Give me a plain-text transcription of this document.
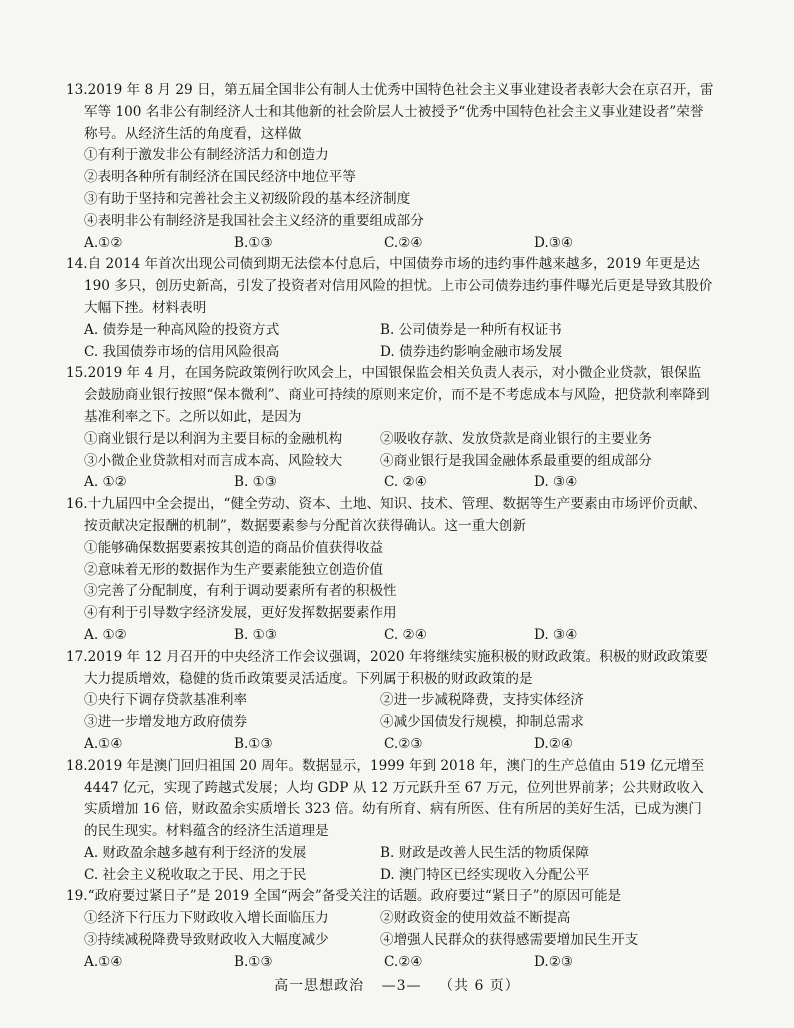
13.2019 年 8 月 29 日，第五届全国非公有制人士优秀中国特色社会主义事业建设者表彰大会在京召开，雷军等 100 名非公有制经济人士和其他新的社会阶层人士被授予“优秀中国特色社会主义事业建设者”荣誉称号。从经济生活的角度看，这样做

①有利于激发非公有制经济活力和创造力

②表明各种所有制经济在国民经济中地位平等

③有助于坚持和完善社会主义初级阶段的基本经济制度

④表明非公有制经济是我国社会主义经济的重要组成部分

A.①②	B.①③	C.②④	D.③④

14.自 2014 年首次出现公司债到期无法偿本付息后，中国债券市场的违约事件越来越多，2019 年更是达 190 多只，创历史新高，引发了投资者对信用风险的担忧。上市公司债券违约事件曝光后更是导致其股价大幅下挫。材料表明

A. 债券是一种高风险的投资方式	B. 公司债券是一种所有权证书
C. 我国债券市场的信用风险很高	D. 债券违约影响金融市场发展

15.2019 年 4 月，在国务院政策例行吹风会上，中国银保监会相关负责人表示，对小微企业贷款，银保监会鼓励商业银行按照“保本微利”、商业可持续的原则来定价，而不是不考虑成本与风险，把贷款利率降到基准利率之下。之所以如此，是因为

①商业银行是以利润为主要目标的金融机构	②吸收存款、发放贷款是商业银行的主要业务
③小微企业贷款相对而言成本高、风险较大	④商业银行是我国金融体系最重要的组成部分
A. ①②	B. ①③	C. ②④	D. ③④

16.十九届四中全会提出，“健全劳动、资本、土地、知识、技术、管理、数据等生产要素由市场评价贡献、按贡献决定报酬的机制”，数据要素参与分配首次获得确认。这一重大创新

①能够确保数据要素按其创造的商品价值获得收益

②意味着无形的数据作为生产要素能独立创造价值

③完善了分配制度，有利于调动要素所有者的积极性

④有利于引导数字经济发展，更好发挥数据要素作用

A. ①②	B. ①③	C. ②④	D. ③④

17.2019 年 12 月召开的中央经济工作会议强调，2020 年将继续实施积极的财政政策。积极的财政政策要大力提质增效，稳健的货币政策要灵活适度。下列属于积极的财政政策的是

①央行下调存贷款基准利率	②进一步减税降费，支持实体经济
③进一步增发地方政府债券	④减少国债发行规模，抑制总需求
A.①④	B.①③	C.②③	D.②④

18.2019 年是澳门回归祖国 20 周年。数据显示，1999 年到 2018 年，澳门的生产总值由 519 亿元增至 4447 亿元，实现了跨越式发展；人均 GDP 从 12 万元跃升至 67 万元，位列世界前茅；公共财政收入实质增加 16 倍，财政盈余实质增长 323 倍。幼有所育、病有所医、住有所居的美好生活，已成为澳门的民生现实。材料蕴含的经济生活道理是

A. 财政盈余越多越有利于经济的发展	B. 财政是改善人民生活的物质保障
C. 社会主义税收取之于民、用之于民	D. 澳门特区已经实现收入分配公平

19.“政府要过紧日子”是 2019 全国“两会”备受关注的话题。政府要过“紧日子”的原因可能是

①经济下行压力下财政收入增长面临压力	②财政资金的使用效益不断提高
③持续减税降费导致财政收入大幅度减少	④增强人民群众的获得感需要增加民生开支
A.①④	B.①③	C.②④	D.②③
高一思想政治 —3— （共 6 页）
